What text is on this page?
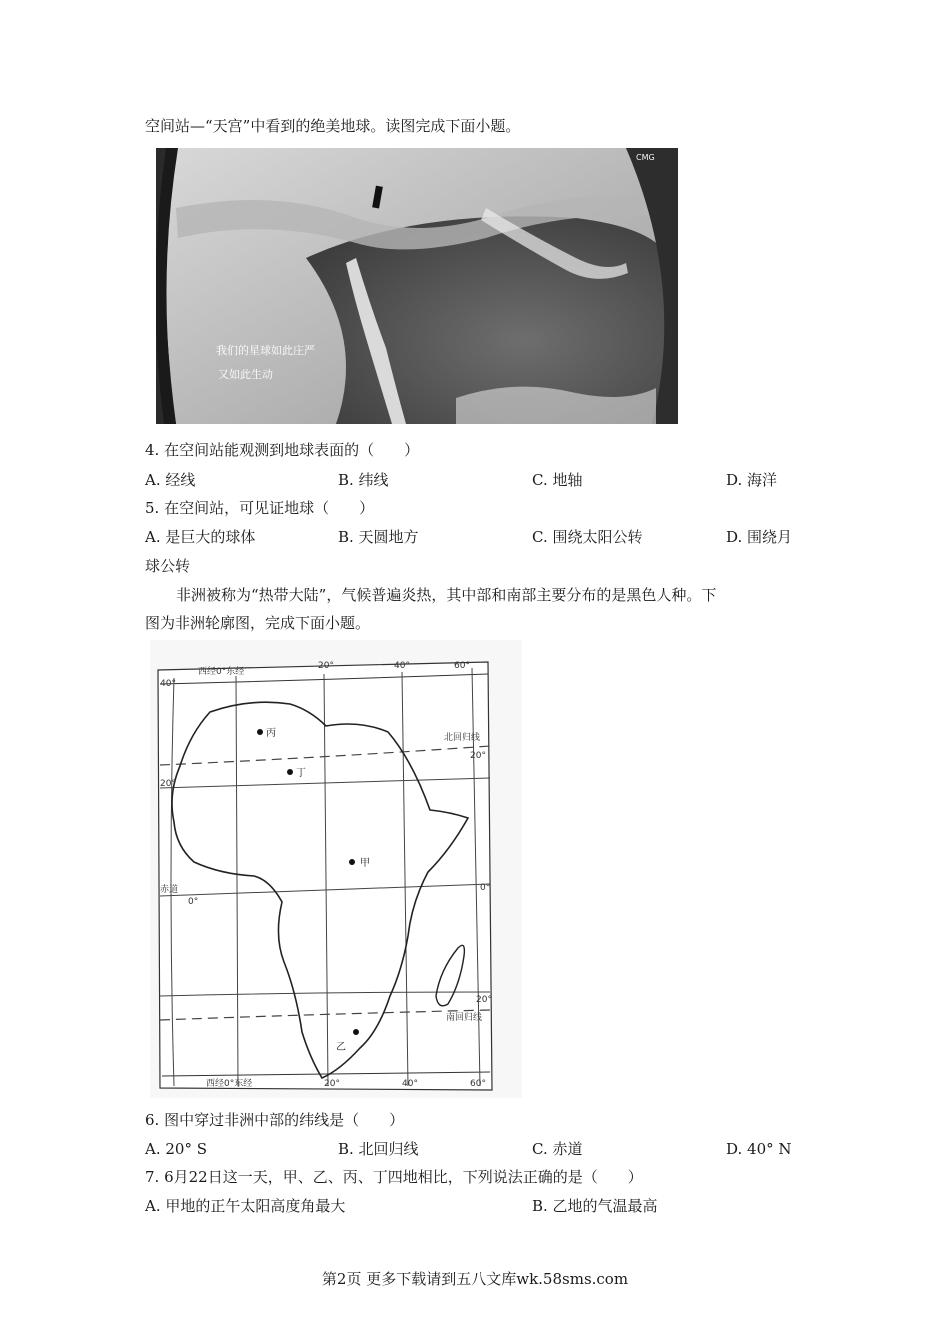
空间站—“天宫”中看到的绝美地球。读图完成下面小题。
CMG
我们的星球如此庄严
又如此生动
4. 在空间站能观测到地球表面的（　　）
A. 经线	B. 纬线	C. 地轴	D. 海洋
5. 在空间站，可见证地球（　　）
A. 是巨大的球体	B. 天圆地方	C. 围绕太阳公转	D. 围绕月
球公转
非洲被称为“热带大陆”，气候普遍炎热，其中部和南部主要分布的是黑色人种。下
图为非洲轮廓图，完成下面小题。
40°
西经0°东经
20°	40°	60°
北回归线
20°
20°
赤道
0°
0°
20°
南回归线
西经0°东经	20°	40°	60°
丙
丁
甲
乙
6. 图中穿过非洲中部的纬线是（　　）
A. 20° S	B. 北回归线	C. 赤道	D. 40° N
7. 6月22日这一天，甲、乙、丙、丁四地相比，下列说法正确的是（　　）
A. 甲地的正午太阳高度角最大	B. 乙地的气温最高
第2页 更多下载请到五八文库wk.58sms.com
